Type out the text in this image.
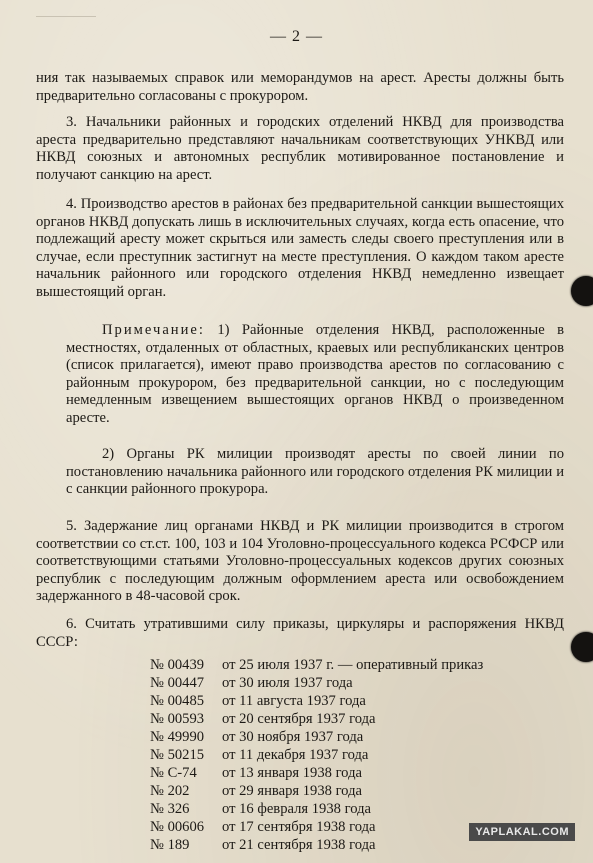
— 2 —

ния так называемых справок или меморандумов на арест. Аресты должны быть предварительно согласованы с прокурором.

3. Начальники районных и городских отделений НКВД для производства ареста предварительно представляют начальникам соответствующих УНКВД или НКВД союзных и автономных республик мотивированное постановление и получают санкцию на арест.

4. Производство арестов в районах без предварительной санкции вышестоящих органов НКВД допускать лишь в исключительных случаях, когда есть опасение, что подлежащий аресту может скрыться или заместь следы своего преступления или в случае, если преступник застигнут на месте преступления. О каждом таком аресте начальник районного или городского отделения НКВД немедленно извещает вышестоящий орган.

Примечание: 1) Районные отделения НКВД, расположенные в местностях, отдаленных от областных, краевых или республиканских центров (список прилагается), имеют право производства арестов по согласованию с районным прокурором, без предварительной санкции, но с последующим немедленным извещением вышестоящих органов НКВД о произведенном аресте.

2) Органы РК милиции производят аресты по своей линии по постановлению начальника районного или городского отделения РК милиции и с санкции районного прокурора.

5. Задержание лиц органами НКВД и РК милиции производится в строгом соответствии со ст.ст. 100, 103 и 104 Уголовно-процессуального кодекса РСФСР или соответствующими статьями Уголовно-процессуальных кодексов других союзных республик с последующим должным оформлением ареста или освобождением задержанного в 48-часовой срок.

6. Считать утратившими силу приказы, циркуляры и распоряжения НКВД СССР:

№ 00439 от 25 июля 1937 г. — оперативный приказ
№ 00447 от 30 июля 1937 года
№ 00485 от 11 августа 1937 года
№ 00593 от 20 сентября 1937 года
№ 49990 от 30 ноября 1937 года
№ 50215 от 11 декабря 1937 года
№ С-74 от 13 января 1938 года
№ 202 от 29 января 1938 года
№ 326 от 16 февраля 1938 года
№ 00606 от 17 сентября 1938 года
№ 189 от 21 сентября 1938 года
YAPLAKAL.COM
